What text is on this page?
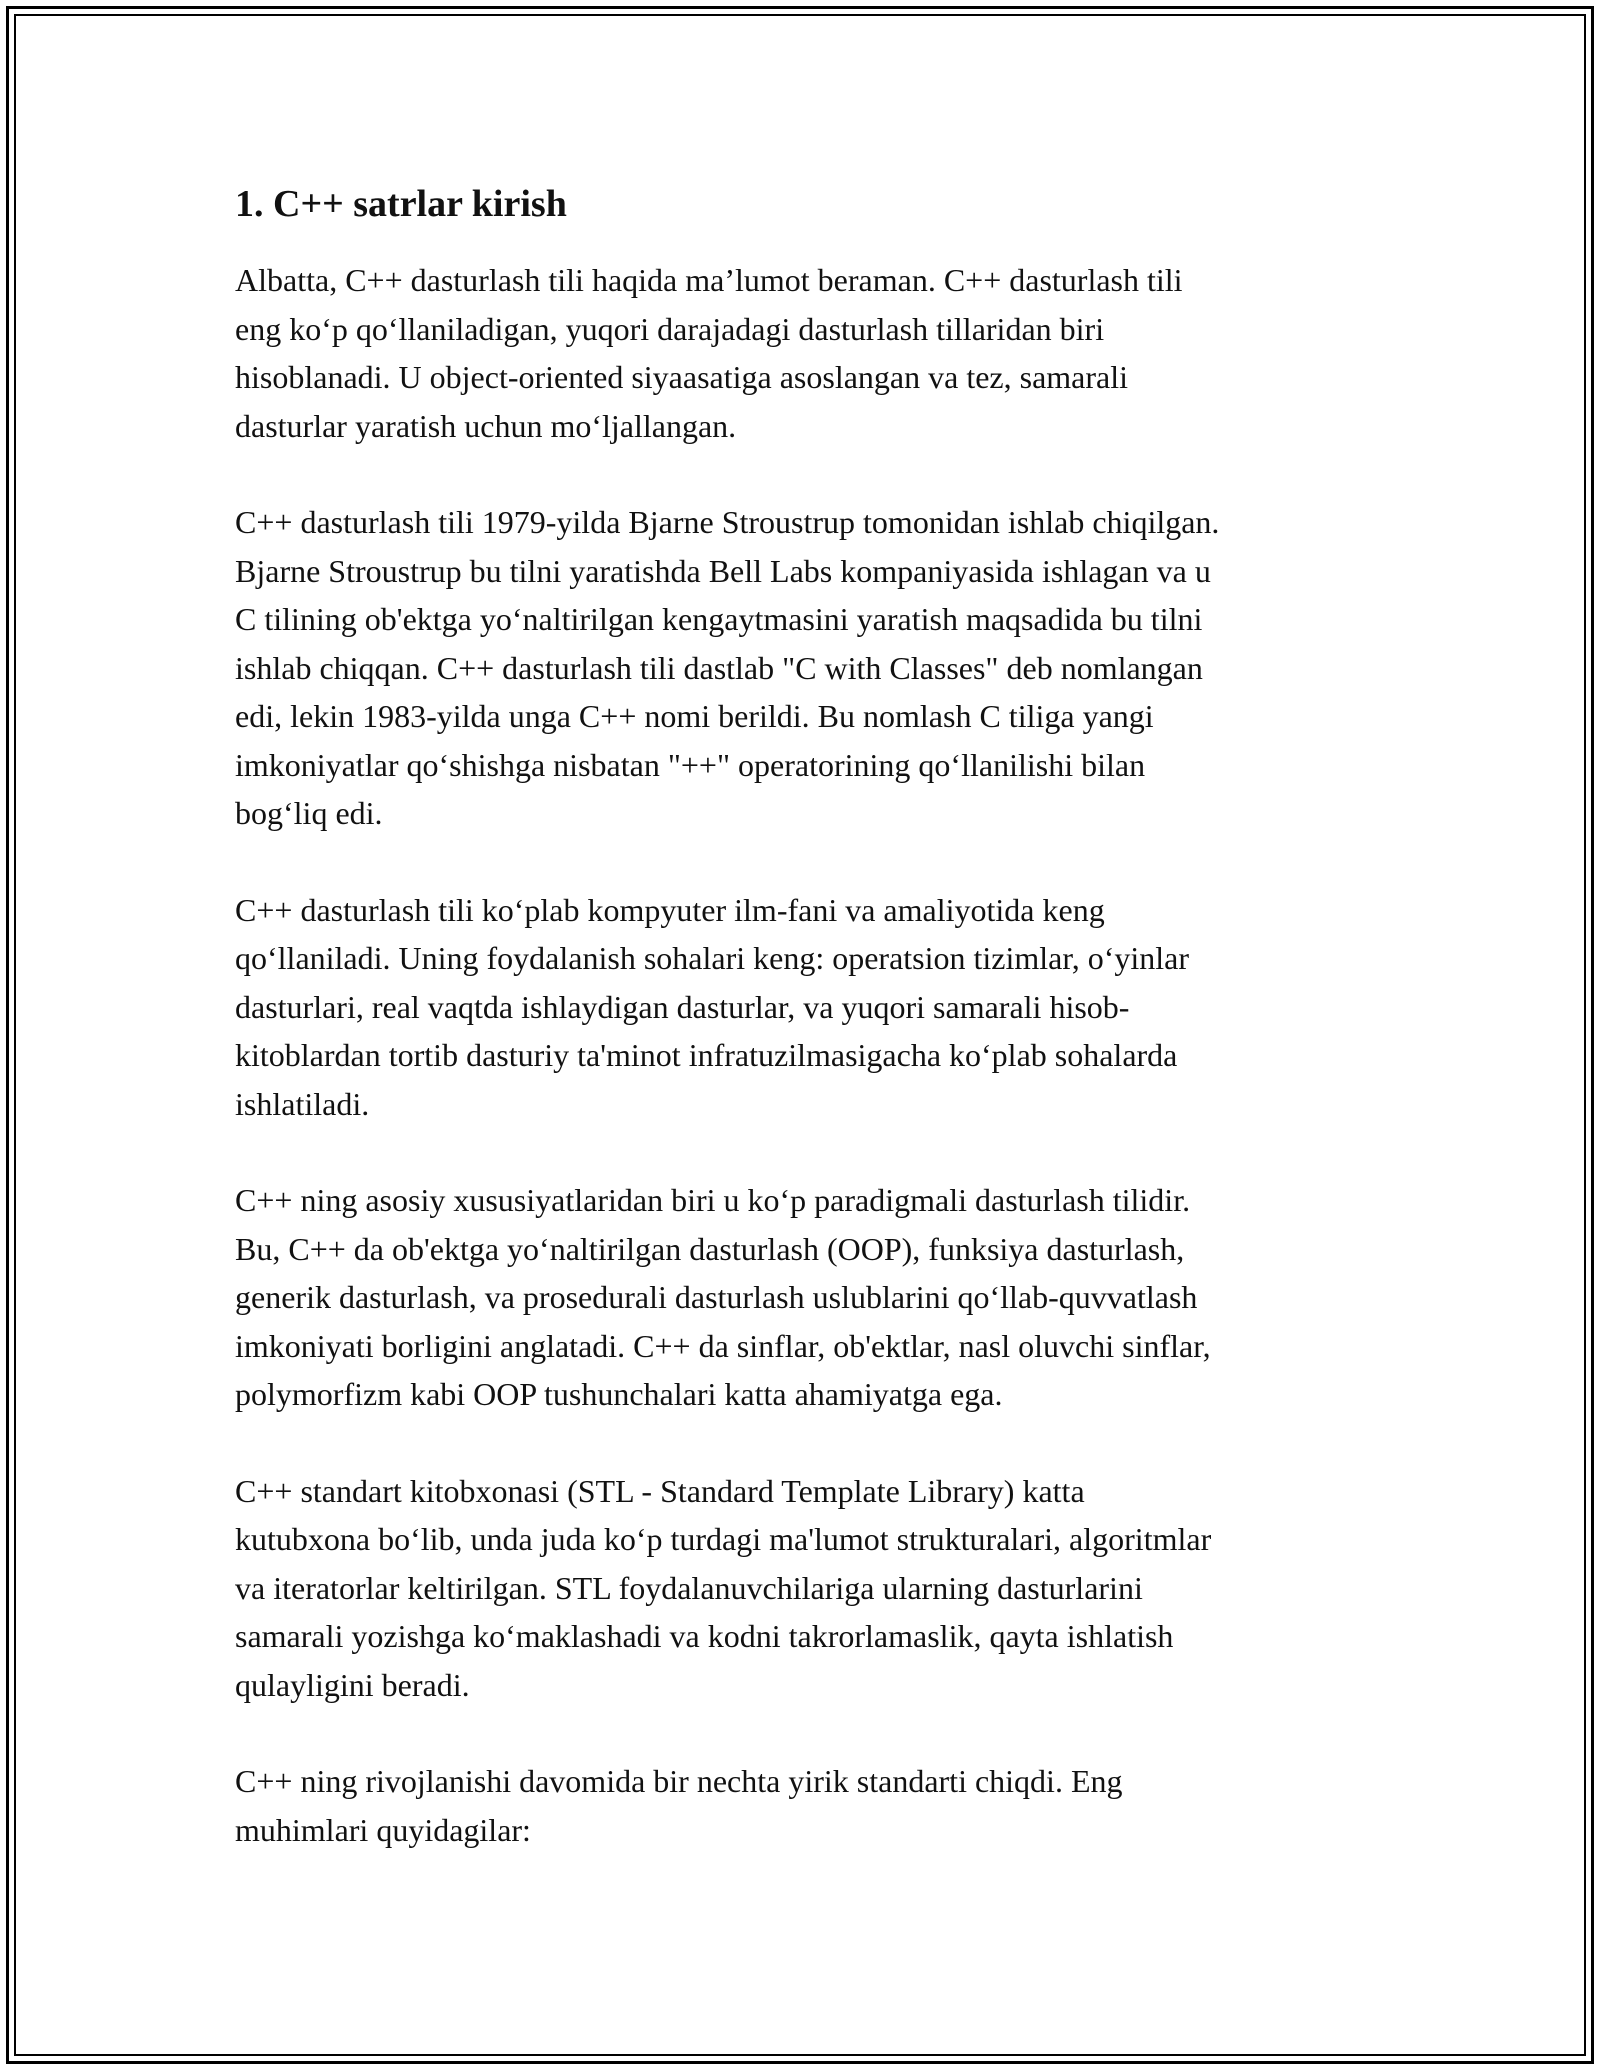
1. C++ satrlar kirish
Albatta, C++ dasturlash tili haqida ma’lumot beraman. C++ dasturlash tili
eng ko‘p qo‘llaniladigan, yuqori darajadagi dasturlash tillaridan biri
hisoblanadi. U object-oriented siyaasatiga asoslangan va tez, samarali
dasturlar yaratish uchun mo‘ljallangan.
C++ dasturlash tili 1979-yilda Bjarne Stroustrup tomonidan ishlab chiqilgan.
Bjarne Stroustrup bu tilni yaratishda Bell Labs kompaniyasida ishlagan va u
C tilining ob'ektga yo‘naltirilgan kengaytmasini yaratish maqsadida bu tilni
ishlab chiqqan. C++ dasturlash tili dastlab "C with Classes" deb nomlangan
edi, lekin 1983-yilda unga C++ nomi berildi. Bu nomlash C tiliga yangi
imkoniyatlar qo‘shishga nisbatan "++" operatorining qo‘llanilishi bilan
bog‘liq edi.
C++ dasturlash tili ko‘plab kompyuter ilm-fani va amaliyotida keng
qo‘llaniladi. Uning foydalanish sohalari keng: operatsion tizimlar, o‘yinlar
dasturlari, real vaqtda ishlaydigan dasturlar, va yuqori samarali hisob-
kitoblardan tortib dasturiy ta'minot infratuzilmasigacha ko‘plab sohalarda
ishlatiladi.
C++ ning asosiy xususiyatlaridan biri u ko‘p paradigmali dasturlash tilidir.
Bu, C++ da ob'ektga yo‘naltirilgan dasturlash (OOP), funksiya dasturlash,
generik dasturlash, va prosedurali dasturlash uslublarini qo‘llab-quvvatlash
imkoniyati borligini anglatadi. C++ da sinflar, ob'ektlar, nasl oluvchi sinflar,
polymorfizm kabi OOP tushunchalari katta ahamiyatga ega.
C++ standart kitobxonasi (STL - Standard Template Library) katta
kutubxona bo‘lib, unda juda ko‘p turdagi ma'lumot strukturalari, algoritmlar
va iteratorlar keltirilgan. STL foydalanuvchilariga ularning dasturlarini
samarali yozishga ko‘maklashadi va kodni takrorlamaslik, qayta ishlatish
qulayligini beradi.
C++ ning rivojlanishi davomida bir nechta yirik standarti chiqdi. Eng
muhimlari quyidagilar:
